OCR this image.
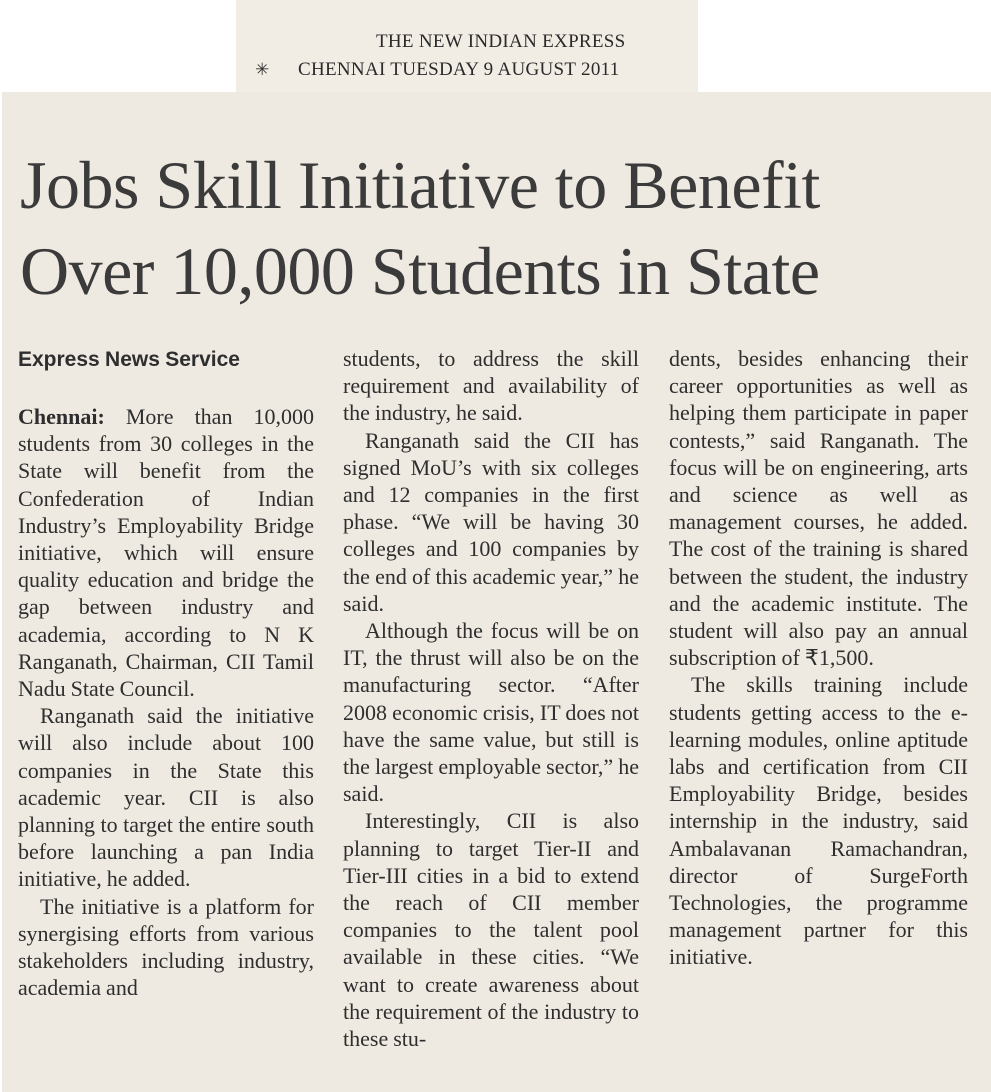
THE NEW INDIAN EXPRESS
✳ CHENNAI TUESDAY 9 AUGUST 2011
Jobs Skill Initiative to Benefit
Over 10,000 Students in State
Express News Service

Chennai: More than 10,000 students from 30 colleges in the State will benefit from the Confederation of Indian Industry’s Employability Bridge initiative, which will ensure quality education and bridge the gap between industry and academia, according to N K Ranganath, Chairman, CII Tamil Nadu State Council.

Ranganath said the initiative will also include about 100 companies in the State this academic year. CII is also planning to target the entire south before launching a pan India initiative, he added.

The initiative is a platform for synergising efforts from various stakeholders including industry, academia and

students, to address the skill requirement and availability of the industry, he said.

Ranganath said the CII has signed MoU’s with six colleges and 12 companies in the first phase. “We will be having 30 colleges and 100 companies by the end of this academic year,” he said.

Although the focus will be on IT, the thrust will also be on the manufacturing sector. “After 2008 economic crisis, IT does not have the same value, but still is the largest employable sector,” he said.

Interestingly, CII is also planning to target Tier-II and Tier-III cities in a bid to extend the reach of CII member companies to the talent pool available in these cities. “We want to create awareness about the requirement of the industry to these stu-

dents, besides enhancing their career opportunities as well as helping them participate in paper contests,” said Ranganath. The focus will be on engineering, arts and science as well as management courses, he added. The cost of the training is shared between the student, the industry and the academic institute. The student will also pay an annual subscription of ₹1,500.

The skills training include students getting access to the e-learning modules, online aptitude labs and certification from CII Employability Bridge, besides internship in the industry, said Ambalavanan Ramachandran, director of SurgeForth Technologies, the programme management partner for this initiative.
